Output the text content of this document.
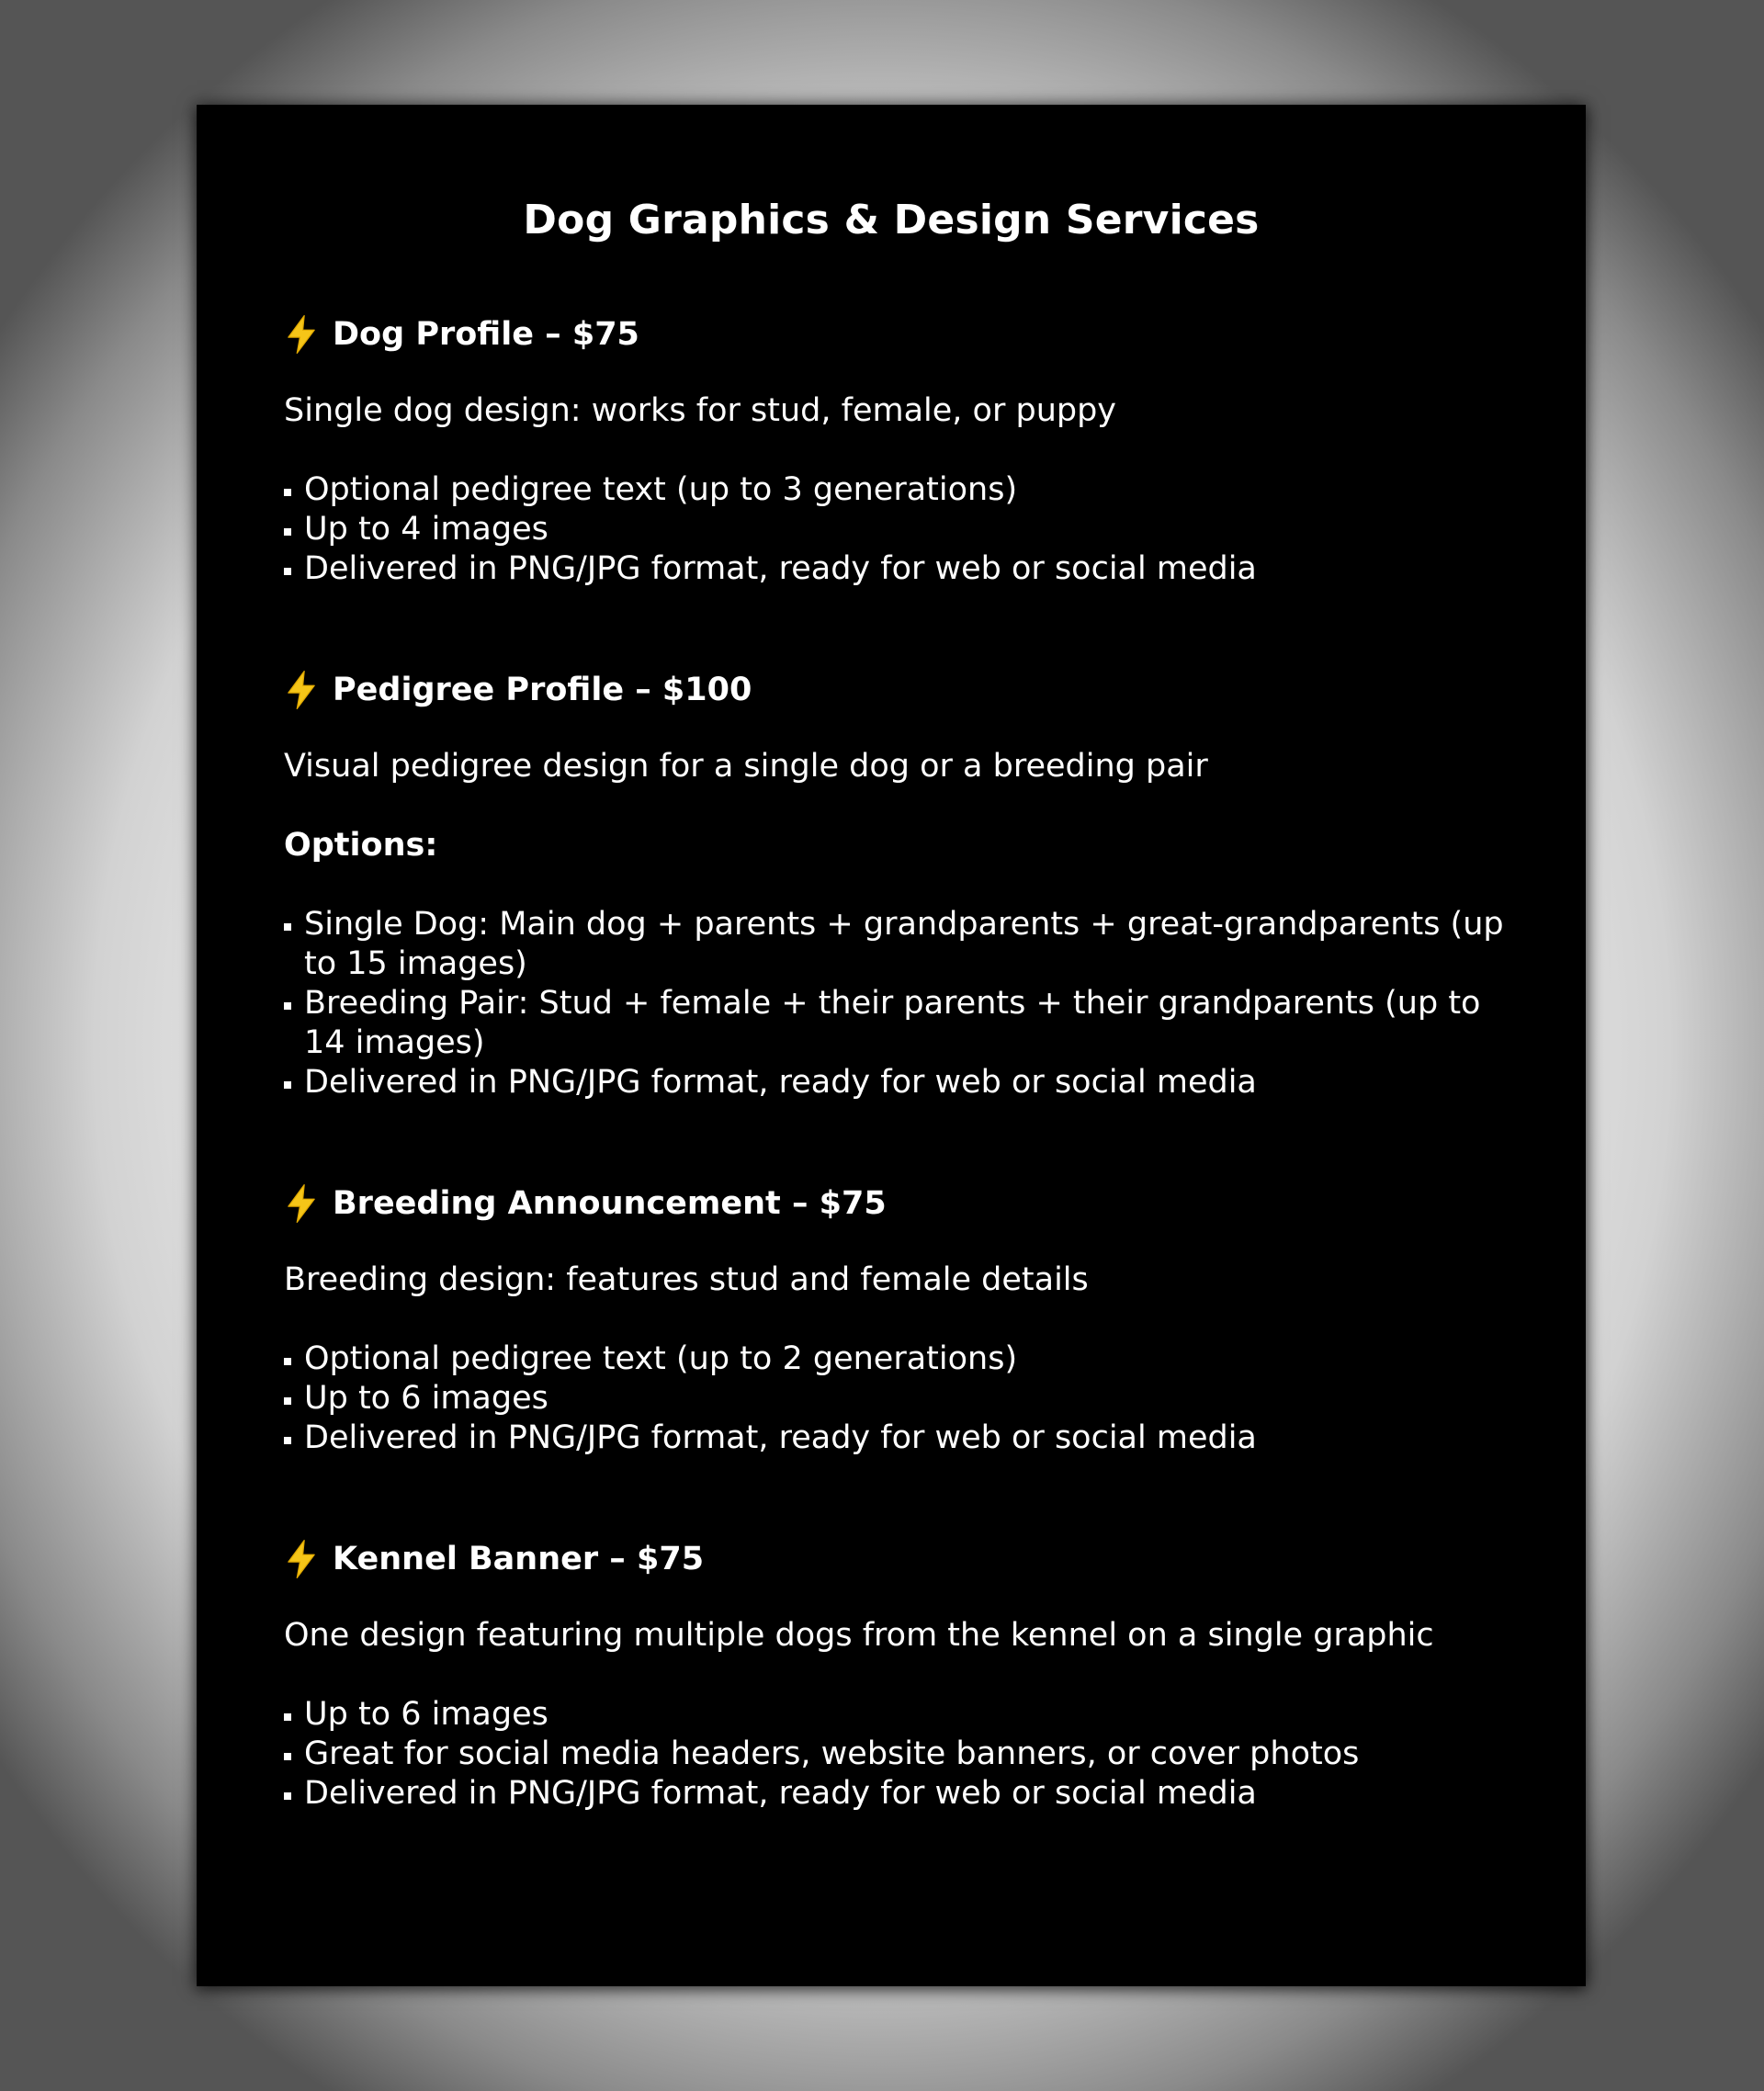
Dog Graphics & Design Services
Dog Profile – $75

Single dog design: works for stud, female, or puppy

Optional pedigree text (up to 3 generations)
Up to 4 images
Delivered in PNG/JPG format, ready for web or social media
Pedigree Profile – $100

Visual pedigree design for a single dog or a breeding pair

Options:

Single Dog: Main dog + parents + grandparents + great-grandparents (up to 15 images)
Breeding Pair: Stud + female + their parents + their grandparents (up to 14 images)
Delivered in PNG/JPG format, ready for web or social media
Breeding Announcement – $75

Breeding design: features stud and female details

Optional pedigree text (up to 2 generations)
Up to 6 images
Delivered in PNG/JPG format, ready for web or social media
Kennel Banner – $75

One design featuring multiple dogs from the kennel on a single graphic

Up to 6 images
Great for social media headers, website banners, or cover photos
Delivered in PNG/JPG format, ready for web or social media
